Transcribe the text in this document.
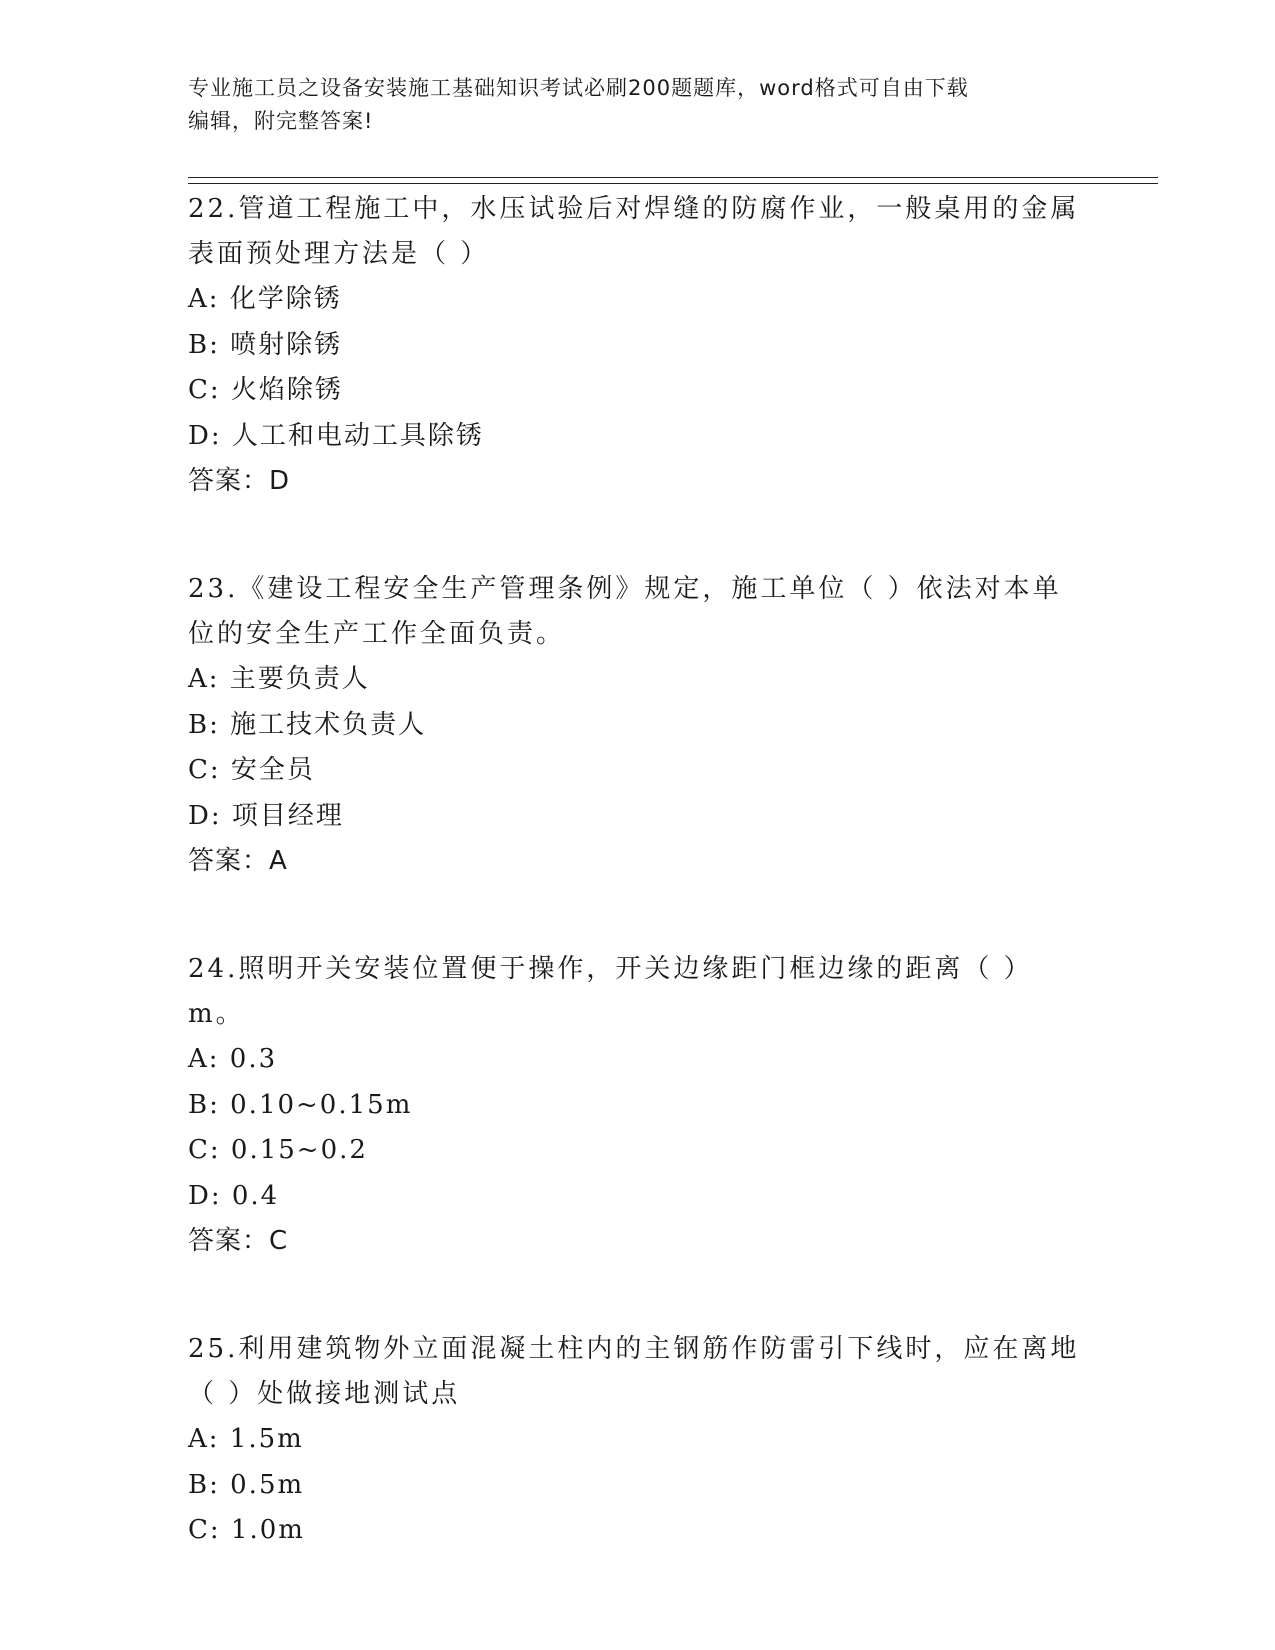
专业施工员之设备安装施工基础知识考试必刷200题题库，word格式可自由下载
编辑，附完整答案!

22.管道工程施工中，水压试验后对焊缝的防腐作业，一般桌用的金属

表面预处理方法是（ ）

A: 化学除锈

B: 喷射除锈

C: 火焰除锈

D: 人工和电动工具除锈

答案：D

23.《建设工程安全生产管理条例》规定，施工单位（ ）依法对本单

位的安全生产工作全面负责。

A: 主要负责人

B: 施工技术负责人

C: 安全员

D: 项目经理

答案：A

24.照明开关安装位置便于操作，开关边缘距门框边缘的距离（ ）m。

A: 0.3

B: 0.10~0.15m

C: 0.15~0.2

D: 0.4

答案：C

25.利用建筑物外立面混凝土柱内的主钢筋作防雷引下线时，应在离地

（ ）处做接地测试点

A: 1.5m

B: 0.5m

C: 1.0m
